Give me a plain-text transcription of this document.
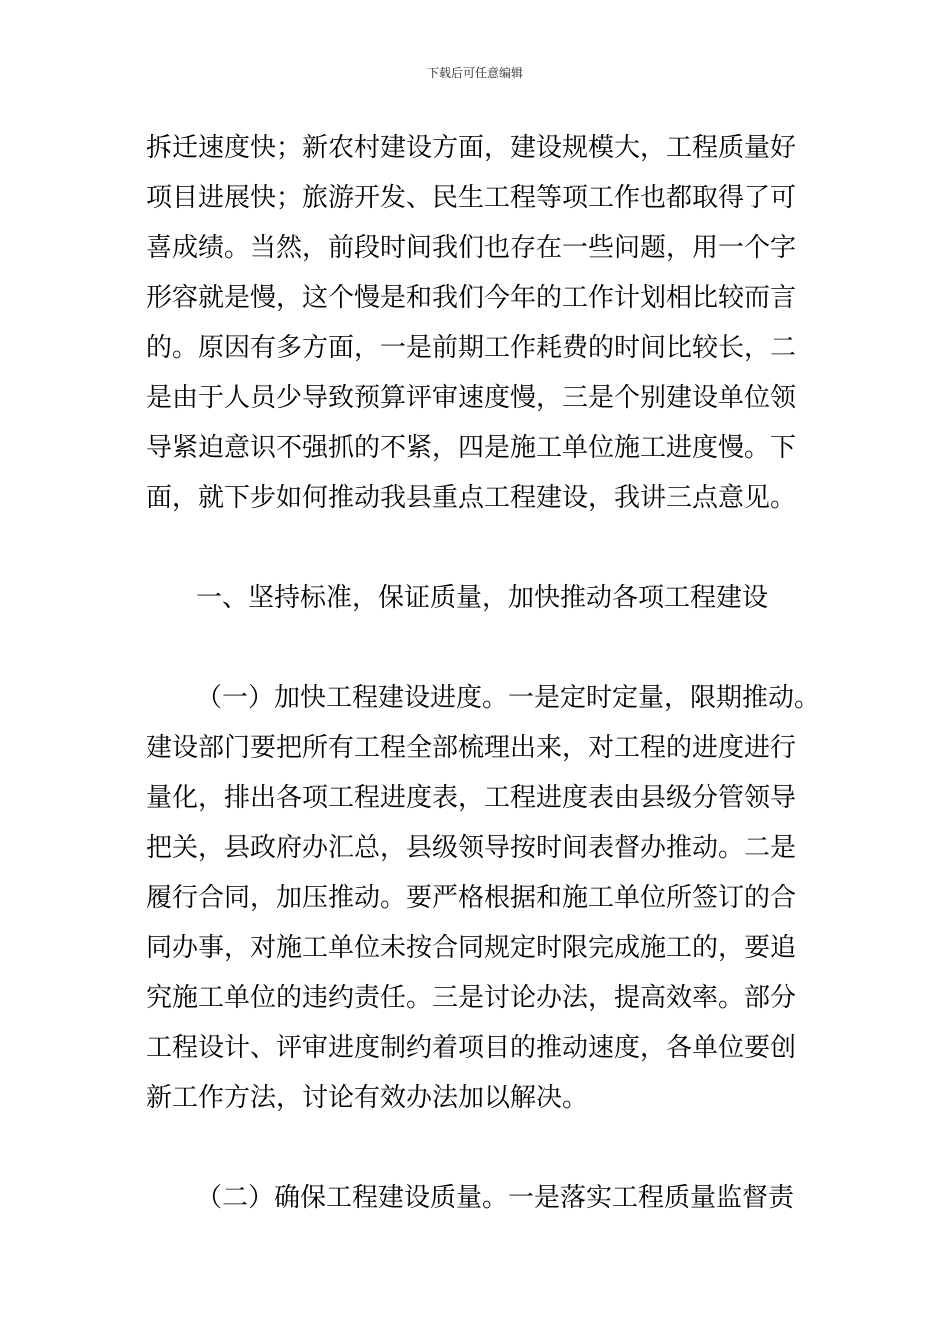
下载后可任意编辑
拆迁速度快；新农村建设方面，建设规模大，工程质量好
项目进展快；旅游开发、民生工程等项工作也都取得了可
喜成绩。当然，前段时间我们也存在一些问题，用一个字
形容就是慢，这个慢是和我们今年的工作计划相比较而言
的。原因有多方面，一是前期工作耗费的时间比较长，二
是由于人员少导致预算评审速度慢，三是个别建设单位领
导紧迫意识不强抓的不紧，四是施工单位施工进度慢。下
面，就下步如何推动我县重点工程建设，我讲三点意见。
一、坚持标准，保证质量，加快推动各项工程建设
（一）加快工程建设进度。一是定时定量，限期推动。
建设部门要把所有工程全部梳理出来，对工程的进度进行
量化，排出各项工程进度表，工程进度表由县级分管领导
把关，县政府办汇总，县级领导按时间表督办推动。二是
履行合同，加压推动。要严格根据和施工单位所签订的合
同办事，对施工单位未按合同规定时限完成施工的，要追
究施工单位的违约责任。三是讨论办法，提高效率。部分
工程设计、评审进度制约着项目的推动速度，各单位要创
新工作方法，讨论有效办法加以解决。
（二）确保工程建设质量。一是落实工程质量监督责
